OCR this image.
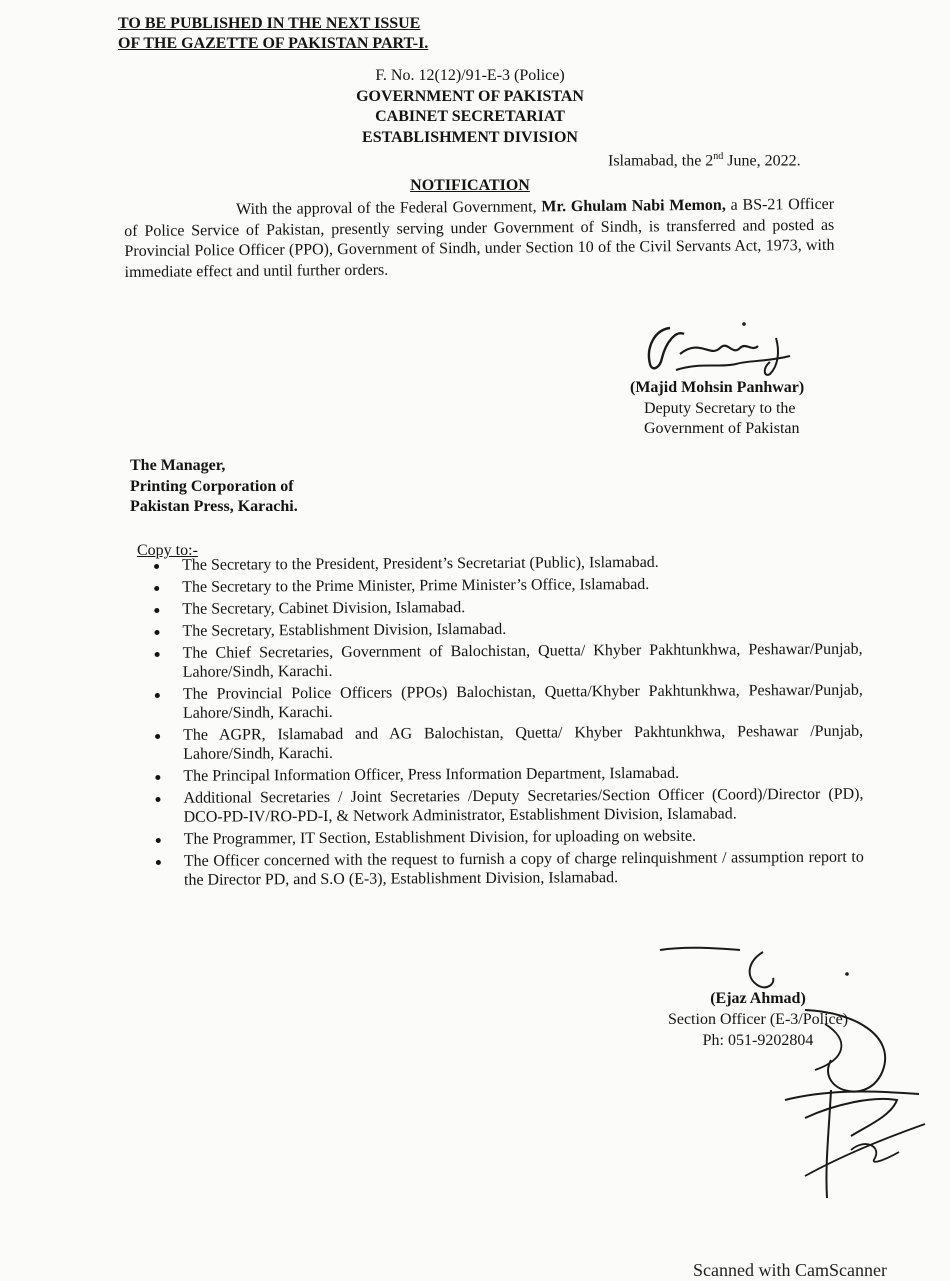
TO BE PUBLISHED IN THE NEXT ISSUE
OF THE GAZETTE OF PAKISTAN PART-I.
F. No. 12(12)/91-E-3 (Police)
GOVERNMENT OF PAKISTAN
CABINET SECRETARIAT
ESTABLISHMENT DIVISION
Islamabad, the 2nd June, 2022.
NOTIFICATION
With the approval of the Federal Government, Mr. Ghulam Nabi Memon, a BS-21 Officer of Police Service of Pakistan, presently serving under Government of Sindh, is transferred and posted as Provincial Police Officer (PPO), Government of Sindh, under Section 10 of the Civil Servants Act, 1973, with immediate effect and until further orders.
(Majid Mohsin Panhwar)
Deputy Secretary to the
Government of Pakistan
The Manager,
Printing Corporation of
Pakistan Press, Karachi.
Copy to:-
The Secretary to the President, President’s Secretariat (Public), Islamabad.
The Secretary to the Prime Minister, Prime Minister’s Office, Islamabad.
The Secretary, Cabinet Division, Islamabad.
The Secretary, Establishment Division, Islamabad.
The Chief Secretaries, Government of Balochistan, Quetta/ Khyber Pakhtunkhwa, Peshawar/Punjab, Lahore/Sindh, Karachi.
The Provincial Police Officers (PPOs) Balochistan, Quetta/Khyber Pakhtunkhwa, Peshawar/Punjab, Lahore/Sindh, Karachi.
The AGPR, Islamabad and AG Balochistan, Quetta/ Khyber Pakhtunkhwa, Peshawar /Punjab, Lahore/Sindh, Karachi.
The Principal Information Officer, Press Information Department, Islamabad.
Additional Secretaries / Joint Secretaries /Deputy Secretaries/Section Officer (Coord)/Director (PD), DCO-PD-IV/RO-PD-I, & Network Administrator, Establishment Division, Islamabad.
The Programmer, IT Section, Establishment Division, for uploading on website.
The Officer concerned with the request to furnish a copy of charge relinquishment / assumption report to the Director PD, and S.O (E-3), Establishment Division, Islamabad.
(Ejaz Ahmad)
Section Officer (E-3/Police)
Ph: 051-9202804
Scanned with CamScanner
